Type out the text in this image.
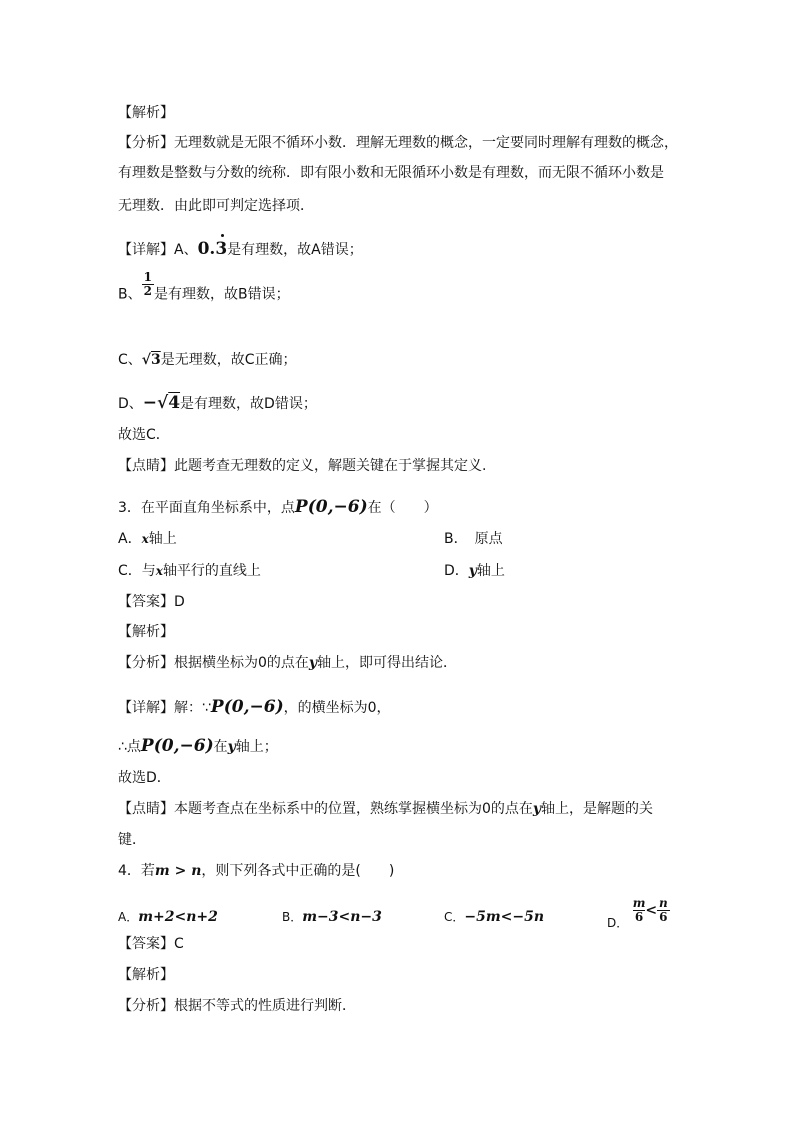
【解析】
【分析】无理数就是无限不循环小数．理解无理数的概念，一定要同时理解有理数的概念，
有理数是整数与分数的统称．即有限小数和无限循环小数是有理数，而无限不循环小数是
无理数．由此即可判定选择项．
【详解】A、0.3是有理数，故A错误；
B、 $\frac{1}{2}$ 是有理数，故B错误；
C、√3是无理数，故C正确；
D、−√4是有理数，故D错误；
故选C．
【点睛】此题考查无理数的定义，解题关键在于掌握其定义.
3．在平面直角坐标系中，点P(0,−6)在（　　）
A．x轴上	B．　原点
C．与x轴平行的直线上	D．y轴上
【答案】D
【解析】
【分析】根据横坐标为0的点在y轴上，即可得出结论．
【详解】解：∵P(0,−6)，的横坐标为0，
∴点P(0,−6)在y轴上；
故选D．
【点睛】本题考查点在坐标系中的位置，熟练掌握横坐标为0的点在y轴上，是解题的关
键．
4．若m > n，则下列各式中正确的是(　　)
A．m+2<n+2	B．m−3<n−3	C．−5m<−5n	D． $\frac{m}{6} < \frac{n}{6}$
【答案】C
【解析】
【分析】根据不等式的性质进行判断．
